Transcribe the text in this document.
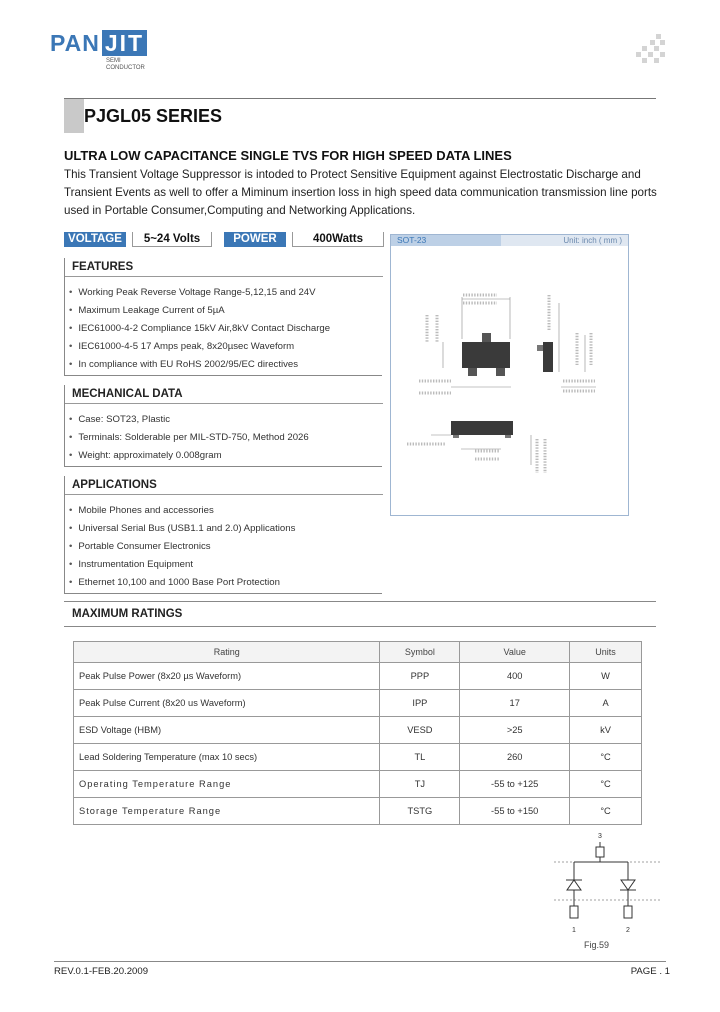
PAN JIT
SEMI
CONDUCTOR
PJGL05 SERIES
ULTRA LOW CAPACITANCE SINGLE TVS FOR HIGH SPEED DATA LINES
This Transient Voltage Suppressor is intoded to Protect Sensitive Equipment against Electrostatic Discharge and Transient Events as well to offer a Miminum insertion loss in high speed data communication transmission line ports used in Portable Consumer,Computing and Networking Applications.
VOLTAGE	5~24 Volts	POWER	400Watts
FEATURES
• Working Peak Reverse Voltage Range-5,12,15 and 24V
• Maximum Leakage Current of 5µA
• IEC61000-4-2 Compliance 15kV Air,8kV Contact Discharge
• IEC61000-4-5 17 Amps peak, 8x20µsec Waveform
• In compliance with EU RoHS 2002/95/EC directives
MECHANICAL DATA
• Case: SOT23, Plastic
• Terminals: Solderable per MIL-STD-750, Method 2026
• Weight: approximately 0.008gram
APPLICATIONS
• Mobile Phones and accessories
• Universal Serial Bus (USB1.1 and 2.0) Applications
• Portable Consumer Electronics
• Instrumentation Equipment
• Ethernet 10,100 and 1000 Base Port Protection
SOT-23	Unit: inch ( mm )
MAXIMUM RATINGS
Rating	Symbol	Value	Units
Peak Pulse Power (8x20 µs Waveform)	PPP	400	W
Peak Pulse Current (8x20 us Waveform)	IPP	17	A
ESD Voltage (HBM)	VESD	>25	kV
Lead Soldering Temperature (max 10 secs)	TL	260	°C
Operating Temperature Range	TJ	-55 to +125	°C
Storage Temperature Range	TSTG	-55 to +150	°C
3
1	2
Fig.59
REV.0.1-FEB.20.2009	PAGE . 1
